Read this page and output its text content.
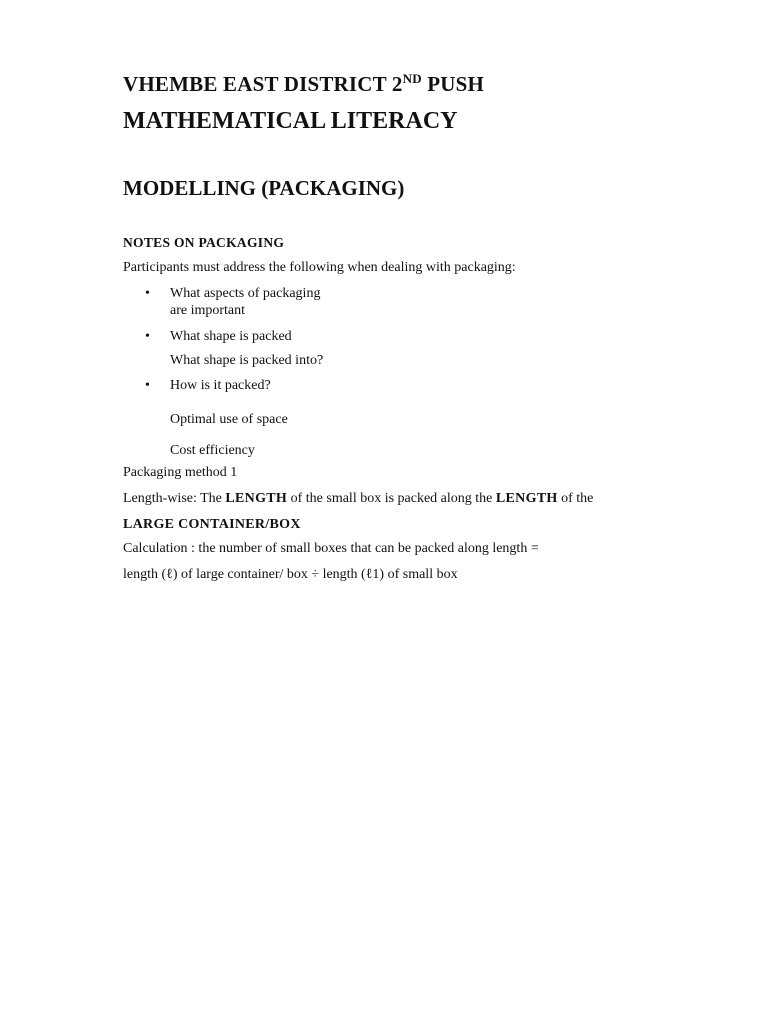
VHEMBE EAST DISTRICT 2ND PUSH
MATHEMATICAL LITERACY
MODELLING (PACKAGING)
NOTES ON PACKAGING
Participants must address the following when dealing with packaging:
• What aspects of packaging
are important
• What shape is packed
What shape is packed into?
• How is it packed?
Optimal use of space
Cost efficiency
Packaging method 1
Length-wise: The LENGTH of the small box is packed along the LENGTH of the
LARGE CONTAINER/BOX
Calculation : the number of small boxes that can be packed along length =
length (ℓ) of large container/ box ÷ length (ℓ1) of small box
